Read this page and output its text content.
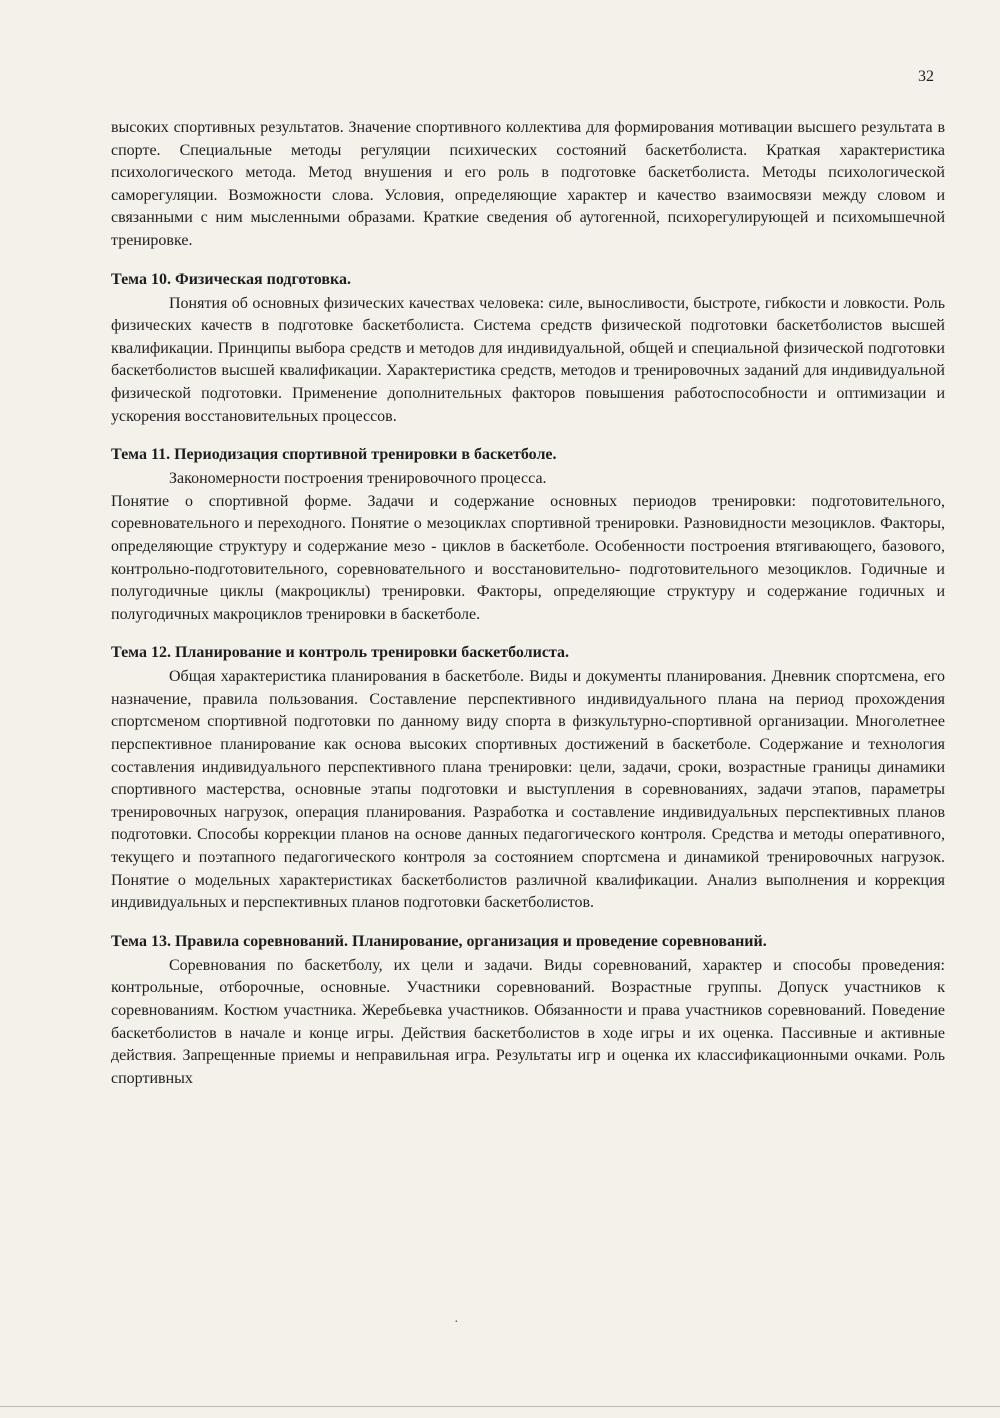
32

высоких спортивных результатов. Значение спортивного коллектива для формирования мотивации высшего результата в спорте. Специальные методы регуляции психических состояний баскетболиста. Краткая характеристика психологического метода. Метод внушения и его роль в подготовке баскетболиста. Методы психологической саморегуляции. Возможности слова. Условия, определяющие характер и качество взаимосвязи между словом и связанными с ним мысленными образами. Краткие сведения об аутогенной, психорегулирующей и психомышечной тренировке.

Тема 10. Физическая подготовка.

Понятия об основных физических качествах человека: силе, выносливости, быстроте, гибкости и ловкости. Роль физических качеств в подготовке баскетболиста. Система средств физической подготовки баскетболистов высшей квалификации. Принципы выбора средств и методов для индивидуальной, общей и специальной физической подготовки баскетболистов высшей квалификации. Характеристика средств, методов и тренировочных заданий для индивидуальной физической подготовки. Применение дополнительных факторов повышения работоспособности и оптимизации и ускорения восстановительных процессов.

Тема 11. Периодизация спортивной тренировки в баскетболе.

Закономерности построения тренировочного процесса.

Понятие о спортивной форме. Задачи и содержание основных периодов тренировки: подготовительного, соревновательного и переходного. Понятие о мезоциклах спортивной тренировки. Разновидности мезоциклов. Факторы, определяющие структуру и содержание мезо - циклов в баскетболе. Особенности построения втягивающего, базового, контрольно-подготовительного, соревновательного и восстановительно- подготовительного мезоциклов. Годичные и полугодичные циклы (макроциклы) тренировки. Факторы, определяющие структуру и содержание годичных и полугодичных макроциклов тренировки в баскетболе.

Тема 12. Планирование и контроль тренировки баскетболиста.

Общая характеристика планирования в баскетболе. Виды и документы планирования. Дневник спортсмена, его назначение, правила пользования. Составление перспективного индивидуального плана на период прохождения спортсменом спортивной подготовки по данному виду спорта в физкультурно-спортивной организации. Многолетнее перспективное планирование как основа высоких спортивных достижений в баскетболе. Содержание и технология составления индивидуального перспективного плана тренировки: цели, задачи, сроки, возрастные границы динамики спортивного мастерства, основные этапы подготовки и выступления в соревнованиях, задачи этапов, параметры тренировочных нагрузок, операция планирования. Разработка и составление индивидуальных перспективных планов подготовки. Способы коррекции планов на основе данных педагогического контроля. Средства и методы оперативного, текущего и поэтапного педагогического контроля за состоянием спортсмена и динамикой тренировочных нагрузок. Понятие о модельных характеристиках баскетболистов различной квалификации. Анализ выполнения и коррекция индивидуальных и перспективных планов подготовки баскетболистов.

Тема 13. Правила соревнований. Планирование, организация и проведение соревнований.

Соревнования по баскетболу, их цели и задачи. Виды соревнований, характер и способы проведения: контрольные, отборочные, основные. Участники соревнований. Возрастные группы. Допуск участников к соревнованиям. Костюм участника. Жеребьевка участников. Обязанности и права участников соревнований. Поведение баскетболистов в начале и конце игры. Действия баскетболистов в ходе игры и их оценка. Пассивные и активные действия. Запрещенные приемы и неправильная игра. Результаты игр и оценка их классификационными очками. Роль спортивных

·
